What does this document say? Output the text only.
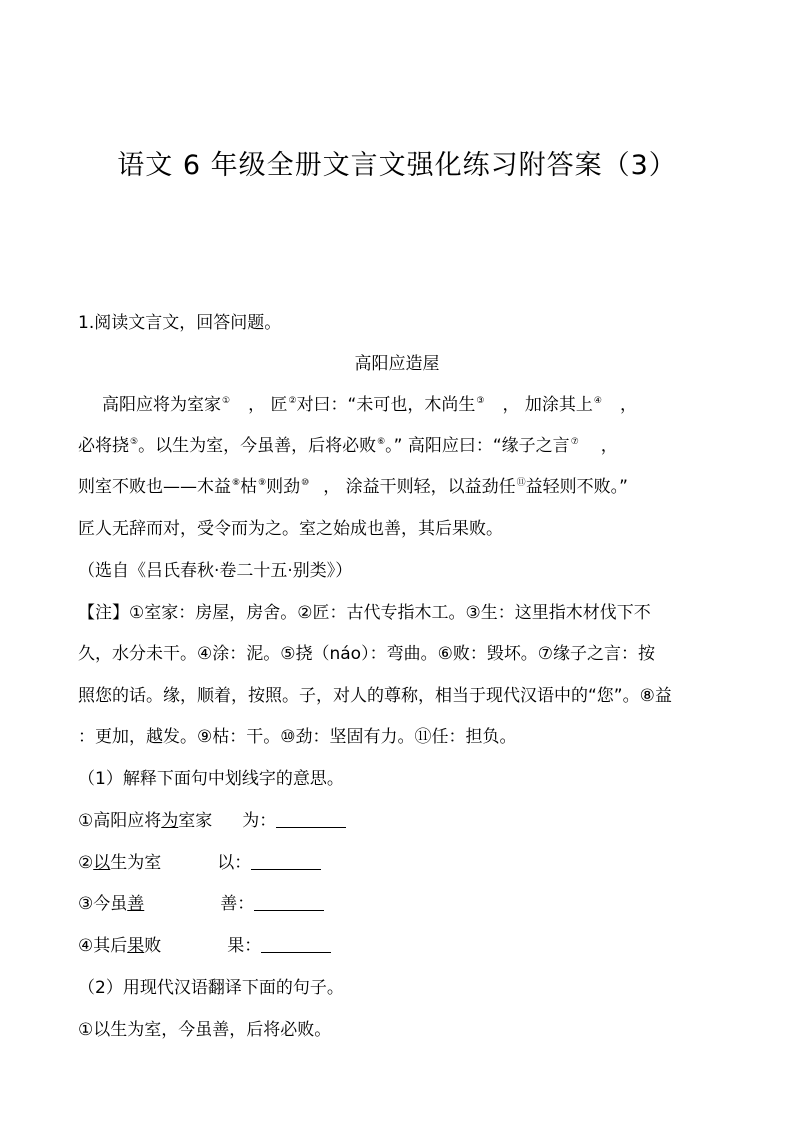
语文 6 年级全册文言文强化练习附答案（3）
1.阅读文言文，回答问题。
高阳应造屋
高阳应将为室家① ， 匠②对曰：“未可也，木尚生③ ， 加涂其上④ ，
必将挠⑤。以生为室，今虽善，后将必败⑥。” 高阳应曰：“缘子之言⑦ ，
则室不败也——木益⑧枯⑨则劲⑩ ， 涂益干则轻，以益劲任⑪益轻则不败。”
匠人无辞而对，受令而为之。室之始成也善，其后果败。
（选自《吕氏春秋·卷二十五·别类》）
【注】①室家：房屋，房舍。②匠：古代专指木工。③生：这里指木材伐下不
久，水分未干。④涂：泥。⑤挠（náo）：弯曲。⑥败：毁坏。⑦缘子之言：按
照您的话。缘，顺着，按照。子，对人的尊称，相当于现代汉语中的“您”。⑧益
：更加，越发。⑨枯：干。⑩劲：坚固有力。⑪任：担负。
（1）解释下面句中划线字的意思。
①高阳应将为室家 为：
②以生为室	以：
③今虽善	善：
④其后果败	果：
（2）用现代汉语翻译下面的句子。
①以生为室，今虽善，后将必败。
